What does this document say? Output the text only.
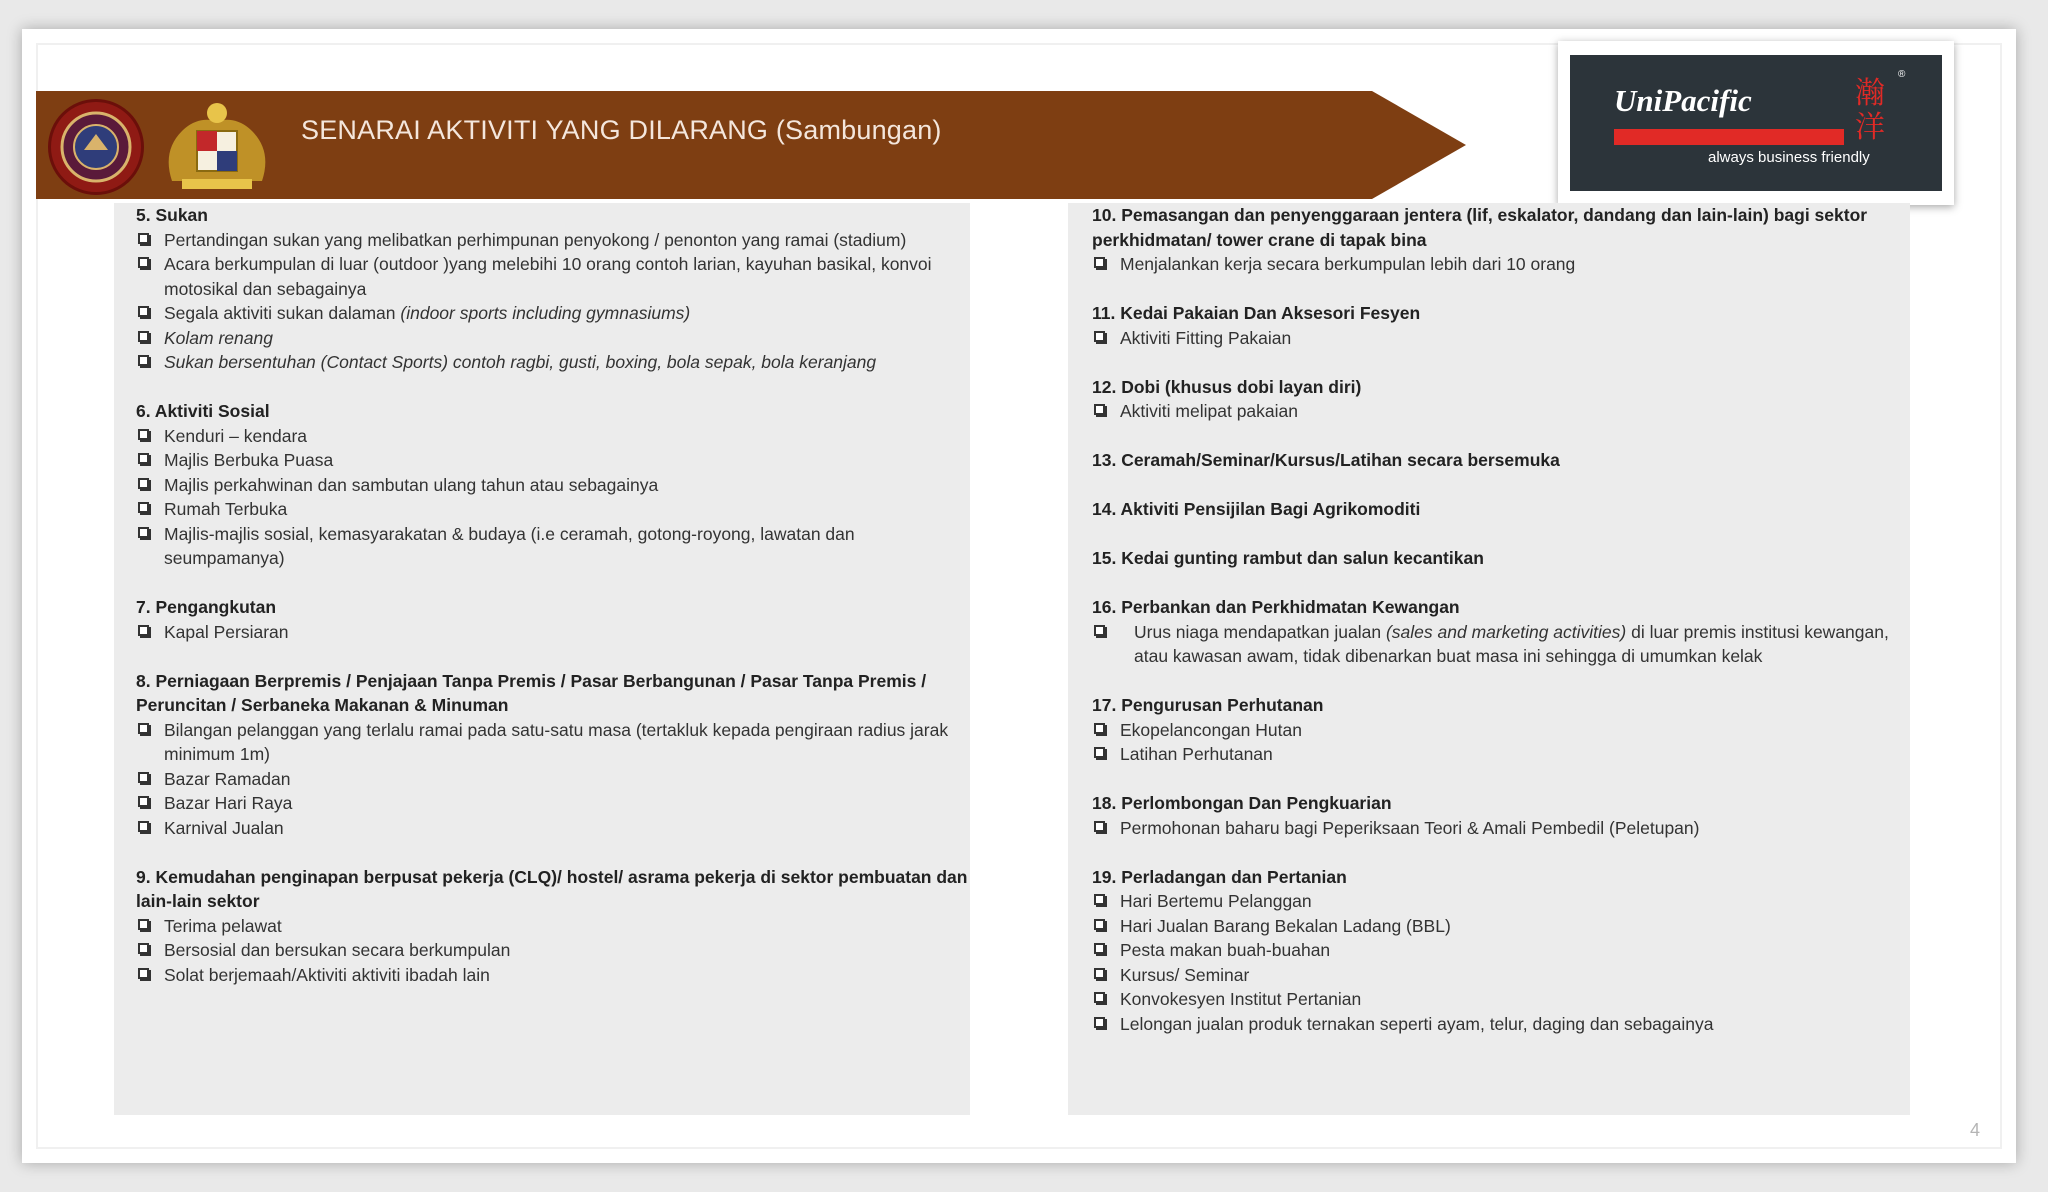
SENARAI AKTIVITI YANG DILARANG (Sambungan)
UniPacific
always business friendly
瀚洋
®
5. Sukan
Pertandingan sukan yang melibatkan perhimpunan penyokong / penonton yang ramai (stadium)
Acara berkumpulan di luar (outdoor )yang melebihi 10 orang contoh larian, kayuhan basikal, konvoi motosikal dan sebagainya
Segala aktiviti sukan dalaman (indoor sports including gymnasiums)
Kolam renang
Sukan bersentuhan (Contact Sports) contoh ragbi, gusti, boxing, bola sepak, bola keranjang
6. Aktiviti Sosial
Kenduri – kendara
Majlis Berbuka Puasa
Majlis perkahwinan dan sambutan ulang tahun atau sebagainya
Rumah Terbuka
Majlis-majlis sosial, kemasyarakatan & budaya (i.e ceramah, gotong-royong, lawatan dan seumpamanya)
7. Pengangkutan
Kapal Persiaran
8. Perniagaan Berpremis / Penjajaan Tanpa Premis / Pasar Berbangunan / Pasar Tanpa Premis / Peruncitan / Serbaneka Makanan & Minuman
Bilangan pelanggan yang terlalu ramai pada satu-satu masa (tertakluk kepada pengiraan radius jarak minimum 1m)
Bazar Ramadan
Bazar Hari Raya
Karnival Jualan
9. Kemudahan penginapan berpusat pekerja (CLQ)/ hostel/ asrama pekerja di sektor pembuatan dan lain-lain sektor
Terima pelawat
Bersosial dan bersukan secara berkumpulan
Solat berjemaah/Aktiviti aktiviti ibadah lain
10. Pemasangan dan penyenggaraan jentera (lif, eskalator, dandang dan lain-lain) bagi sektor perkhidmatan/ tower crane di tapak bina
Menjalankan kerja secara berkumpulan lebih dari 10 orang
11. Kedai Pakaian Dan Aksesori Fesyen
Aktiviti Fitting Pakaian
12. Dobi (khusus dobi layan diri)
Aktiviti melipat pakaian
13. Ceramah/Seminar/Kursus/Latihan secara bersemuka
14. Aktiviti Pensijilan Bagi Agrikomoditi
15. Kedai gunting rambut dan salun kecantikan
16. Perbankan dan Perkhidmatan Kewangan
Urus niaga mendapatkan jualan (sales and marketing activities) di luar premis institusi kewangan, atau kawasan awam, tidak dibenarkan buat masa ini sehingga di umumkan kelak
17. Pengurusan Perhutanan
Ekopelancongan Hutan
Latihan Perhutanan
18. Perlombongan Dan Pengkuarian
Permohonan baharu bagi Peperiksaan Teori & Amali Pembedil (Peletupan)
19. Perladangan dan Pertanian
Hari Bertemu Pelanggan
Hari Jualan Barang Bekalan Ladang (BBL)
Pesta makan buah-buahan
Kursus/ Seminar
Konvokesyen Institut Pertanian
Lelongan jualan produk ternakan seperti ayam, telur, daging dan sebagainya
4
